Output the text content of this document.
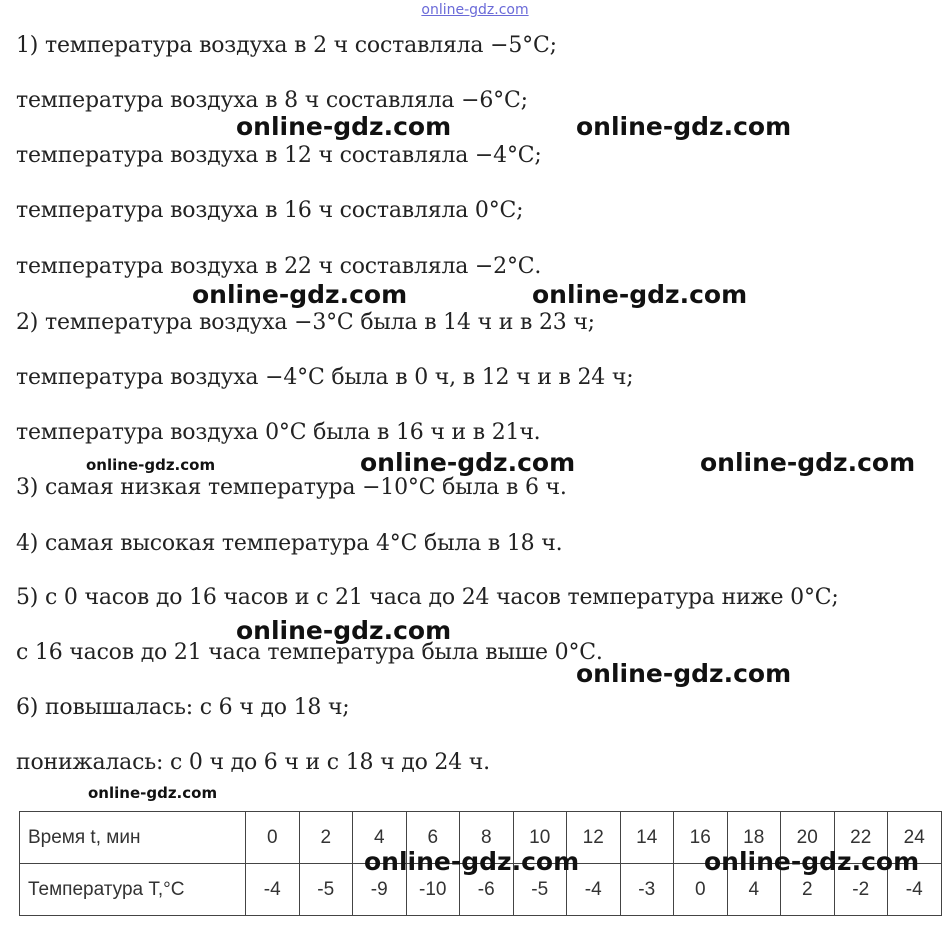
online-gdz.com
1) температура воздуха в 2 ч составляла −5°С;
температура воздуха в 8 ч составляла −6°С;
температура воздуха в 12 ч составляла −4°С;
температура воздуха в 16 ч составляла 0°С;
температура воздуха в 22 ч составляла −2°С.
2) температура воздуха −3°С была в 14 ч и в 23 ч;
температура воздуха −4°С была в 0 ч, в 12 ч и в 24 ч;
температура воздуха 0°С была в 16 ч и в 21ч.
3) самая низкая температура −10°С была в 6 ч.
4) самая высокая температура 4°С была в 18 ч.
5) с 0 часов до 16 часов и с 21 часа до 24 часов температура ниже 0°С;
с 16 часов до 21 часа температура была выше 0°С.
6) повышалась: с 6 ч до 18 ч;
понижалась: с 0 ч до 6 ч и с 18 ч до 24 ч.
online-gdz.com	online-gdz.com
online-gdz.com	online-gdz.com
online-gdz.com	online-gdz.com	online-gdz.com
online-gdz.com
online-gdz.com
online-gdz.com
online-gdz.com	online-gdz.com
Время t, мин	0	2	4	6	8	10	12	14	16	18	20	22	24
Температура Т,°С	-4	-5	-9	-10	-6	-5	-4	-3	0	4	2	-2	-4
